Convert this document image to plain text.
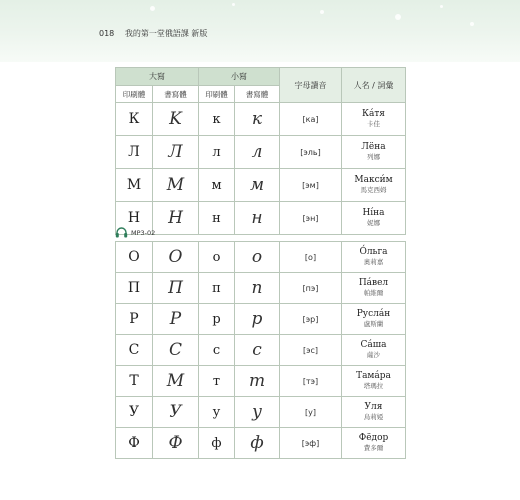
018 我的第一堂俄語課 新版
大寫		小寫		字母讀音	人名 / 詞彙
印刷體	書寫體	印刷體	書寫體		
К	K	к	к	[ка]	Ка́тя
卡佳

Л	Л	л	л	[эль]	Лёна
列娜

М	M	м	м	[эм]	Макси́м
馬克西姆

Н	H	н	н	[эн]	Ні́на
妮娜
MP3-02
О	O	о	o	[о]	О́льга
奧莉嘉

П	П	п	n	[пэ]	Па́вел
帕維爾

Р	P	р	p	[эр]	Русла́н
盧斯蘭

С	C	с	c	[эс]	Са́ша
薩沙

Т	M	т	m	[тэ]	Тама́ра
塔瑪拉

У	У	у	у	[у]	Уля
烏莉婭

Ф	Ф	ф	ф	[эф]	Фёдор
費多爾
